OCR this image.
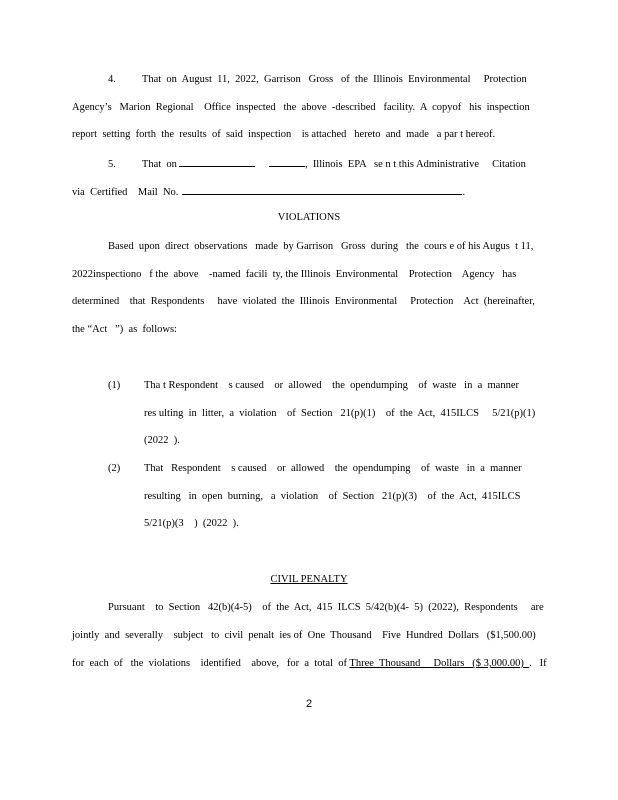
4.          That  on  August  11,  2022,  Garrison   Gross   of  the  Illinois  Environmental     Protection
Agency’s   Marion  Regional    Office  inspected   the  above  -described   facility.  A  copyof   his  inspection
report  setting  forth  the  results  of  said  inspection    is attached   hereto  and  made   a par t hereof.
5.          That  on	,  Illinois  EPA   se n t this Administrative     Citation
via  Certified    Mail  No.	.
VIOLATIONS
Based  upon  direct  observations   made  by Garrison   Gross  during   the  cours e of his Augus  t 11,
2022inspectiono   f the  above    -named  facili  ty, the Illinois  Environmental    Protection    Agency   has
determined    that  Respondents     have  violated  the  Illinois  Environmental     Protection    Act  (hereinafter,
the “Act   ”)  as  follows:
(1) Tha t Respondent    s caused    or  allowed    the  opendumping    of  waste   in  a  manner
res ulting  in  litter,  a  violation    of  Section   21(p)(1)    of  the  Act,  415ILCS     5/21(p)(1)
(2022  ).
(2) That   Respondent    s caused    or  allowed    the  opendumping    of  waste   in  a  manner
resulting   in  open  burning,   a  violation    of  Section   21(p)(3)    of  the  Act,  415ILCS
5/21(p)(3    )  (2022  ).
CIVIL PENALTY
Pursuant    to  Section   42(b)(4-5)    of  the  Act,  415  ILCS  5/42(b)(4-  5)  (2022),  Respondents     are
jointly  and  severally    subject   to  civil  penalt  ies of  One  Thousand    Five  Hundred  Dollars   ($1,500.00)
for  each  of   the  violations    identified    above,   for  a  total  of Three  Thousand     Dollars   ($ 3,000.00)  .   If
2
